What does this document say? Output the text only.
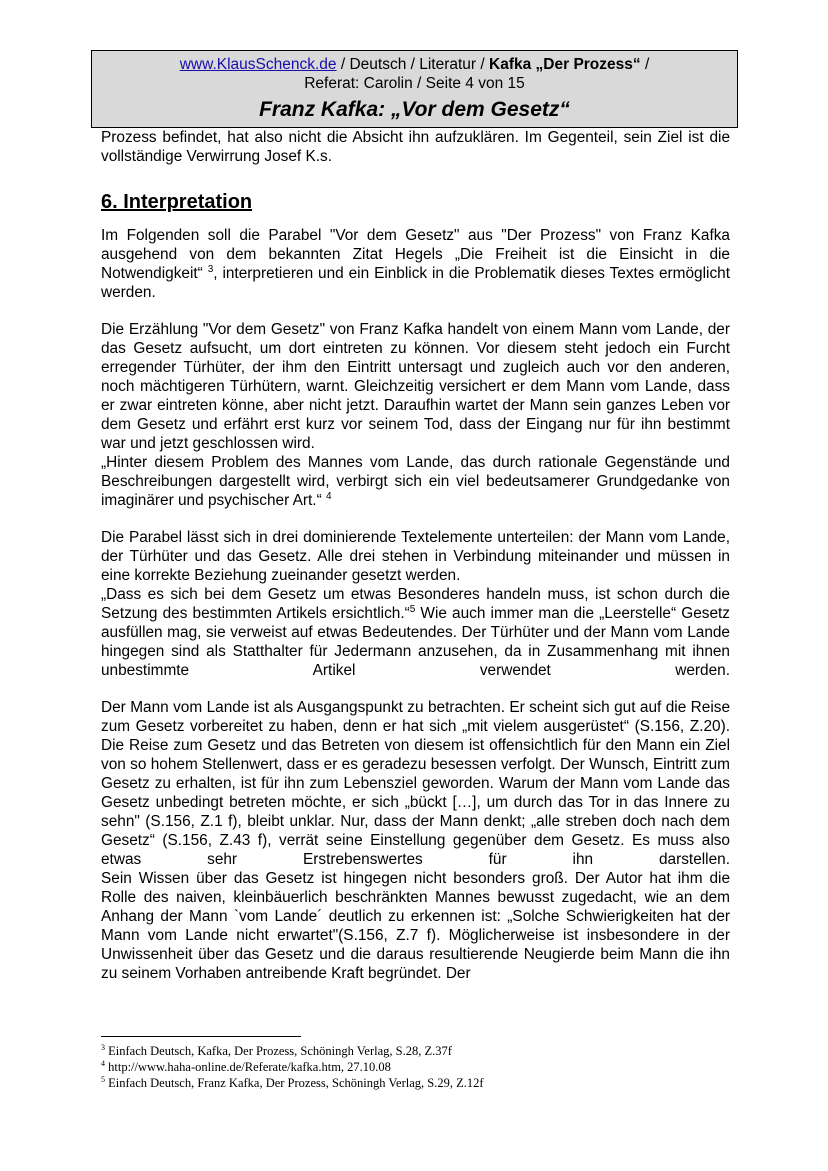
www.KlausSchenck.de / Deutsch / Literatur / Kafka „Der Prozess“ /
Referat: Carolin / Seite 4 von 15
Franz Kafka: „Vor dem Gesetz“

Prozess befindet, hat also nicht die Absicht ihn aufzuklären. Im Gegenteil, sein Ziel ist die vollständige Verwirrung Josef K.s.

6. Interpretation

Im Folgenden soll die Parabel "Vor dem Gesetz" aus "Der Prozess" von Franz Kafka ausgehend von dem bekannten Zitat Hegels „Die Freiheit ist die Einsicht in die Notwendigkeit“ $^3$, interpretieren und ein Einblick in die Problematik dieses Textes ermöglicht werden.

Die Erzählung "Vor dem Gesetz" von Franz Kafka handelt von einem Mann vom Lande, der das Gesetz aufsucht, um dort eintreten zu können. Vor diesem steht jedoch ein Furcht erregender Türhüter, der ihm den Eintritt untersagt und zugleich auch vor den anderen, noch mächtigeren Türhütern, warnt. Gleichzeitig versichert er dem Mann vom Lande, dass er zwar eintreten könne, aber nicht jetzt. Daraufhin wartet der Mann sein ganzes Leben vor dem Gesetz und erfährt erst kurz vor seinem Tod, dass der Eingang nur für ihn bestimmt war und jetzt geschlossen wird.

„Hinter diesem Problem des Mannes vom Lande, das durch rationale Gegenstände und Beschreibungen dargestellt wird, verbirgt sich ein viel bedeutsamerer Grundgedanke von imaginärer und psychischer Art.“ $^4$

Die Parabel lässt sich in drei dominierende Textelemente unterteilen: der Mann vom Lande, der Türhüter und das Gesetz. Alle drei stehen in Verbindung miteinander und müssen in eine korrekte Beziehung zueinander gesetzt werden.

„Dass es sich bei dem Gesetz um etwas Besonderes handeln muss, ist schon durch die Setzung des bestimmten Artikels ersichtlich.“$^5$ Wie auch immer man die „Leerstelle“ Gesetz ausfüllen mag, sie verweist auf etwas Bedeutendes. Der Türhüter und der Mann vom Lande hingegen sind als Statthalter für Jedermann anzusehen, da in Zusammenhang mit ihnen unbestimmte Artikel verwendet werden.

Der Mann vom Lande ist als Ausgangspunkt zu betrachten. Er scheint sich gut auf die Reise zum Gesetz vorbereitet zu haben, denn er hat sich „mit vielem ausgerüstet“ (S.156, Z.20). Die Reise zum Gesetz und das Betreten von diesem ist offensichtlich für den Mann ein Ziel von so hohem Stellenwert, dass er es geradezu besessen verfolgt. Der Wunsch, Eintritt zum Gesetz zu erhalten, ist für ihn zum Lebensziel geworden. Warum der Mann vom Lande das Gesetz unbedingt betreten möchte, er sich „bückt […], um durch das Tor in das Innere zu sehn" (S.156, Z.1 f), bleibt unklar. Nur, dass der Mann denkt; „alle streben doch nach dem Gesetz“ (S.156, Z.43 f), verrät seine Einstellung gegenüber dem Gesetz. Es muss also etwas sehr Erstrebenswertes für ihn darstellen.

Sein Wissen über das Gesetz ist hingegen nicht besonders groß. Der Autor hat ihm die Rolle des naiven, kleinbäuerlich beschränkten Mannes bewusst zugedacht, wie an dem Anhang der Mann `vom Lande´ deutlich zu erkennen ist: „Solche Schwierigkeiten hat der Mann vom Lande nicht erwartet"(S.156, Z.7 f). Möglicherweise ist insbesondere in der Unwissenheit über das Gesetz und die daraus resultierende Neugierde beim Mann die ihn zu seinem Vorhaben antreibende Kraft begründet. Der

$^3$ Einfach Deutsch, Kafka, Der Prozess, Schöningh Verlag, S.28, Z.37f
$^4$ http://www.haha-online.de/Referate/kafka.htm, 27.10.08
$^5$ Einfach Deutsch, Franz Kafka, Der Prozess, Schöningh Verlag, S.29, Z.12f
